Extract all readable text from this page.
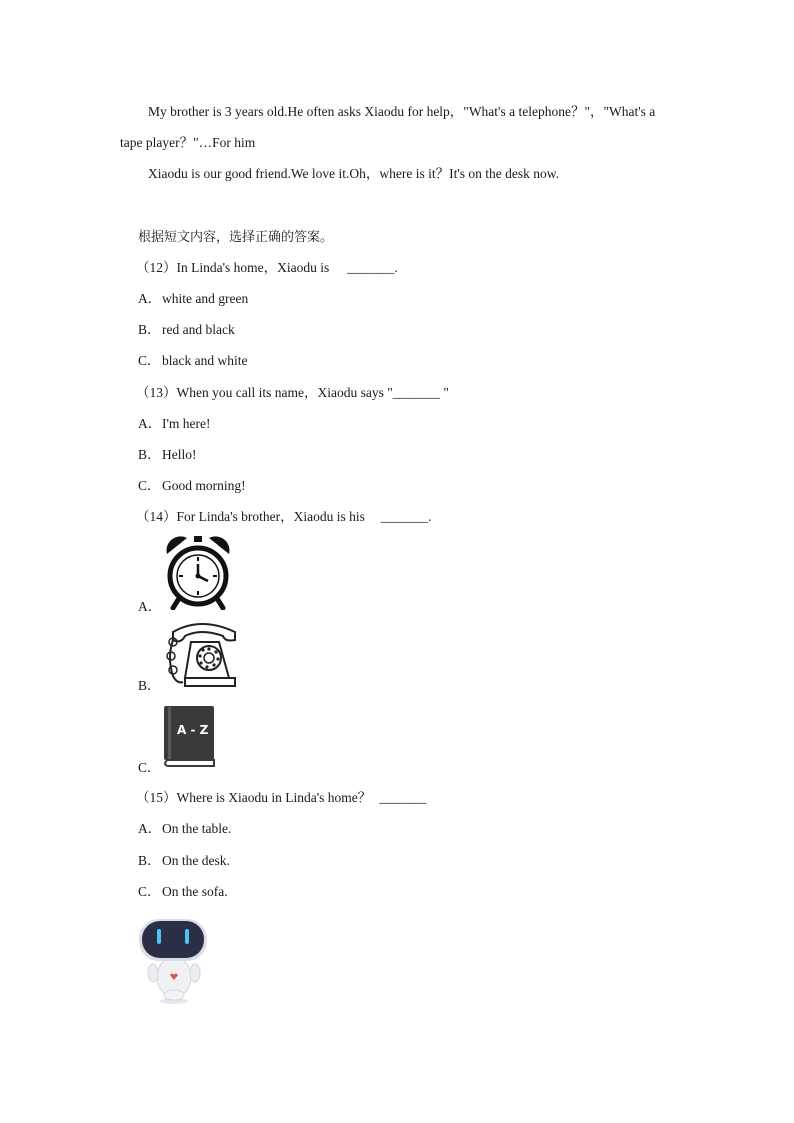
My brother is 3 years old.He often asks Xiaodu for help，"What's a telephone？"，"What's a
tape player？"…For him
Xiaodu is our good friend.We love it.Oh，where is it？It's on the desk now.
根据短文内容，选择正确的答案。
（12）In Linda's home，Xiaodu is _______.
A．white and green
B．red and black
C．black and white
（13）When you call its name，Xiaodu says "_______ "
A．I'm here!
B．Hello!
C．Good morning!
（14）For Linda's brother，Xiaodu is his _______.
A．
B．
C．
A - Z
（15）Where is Xiaodu in Linda's home？ _______
A．On the table.
B．On the desk.
C．On the sofa.
